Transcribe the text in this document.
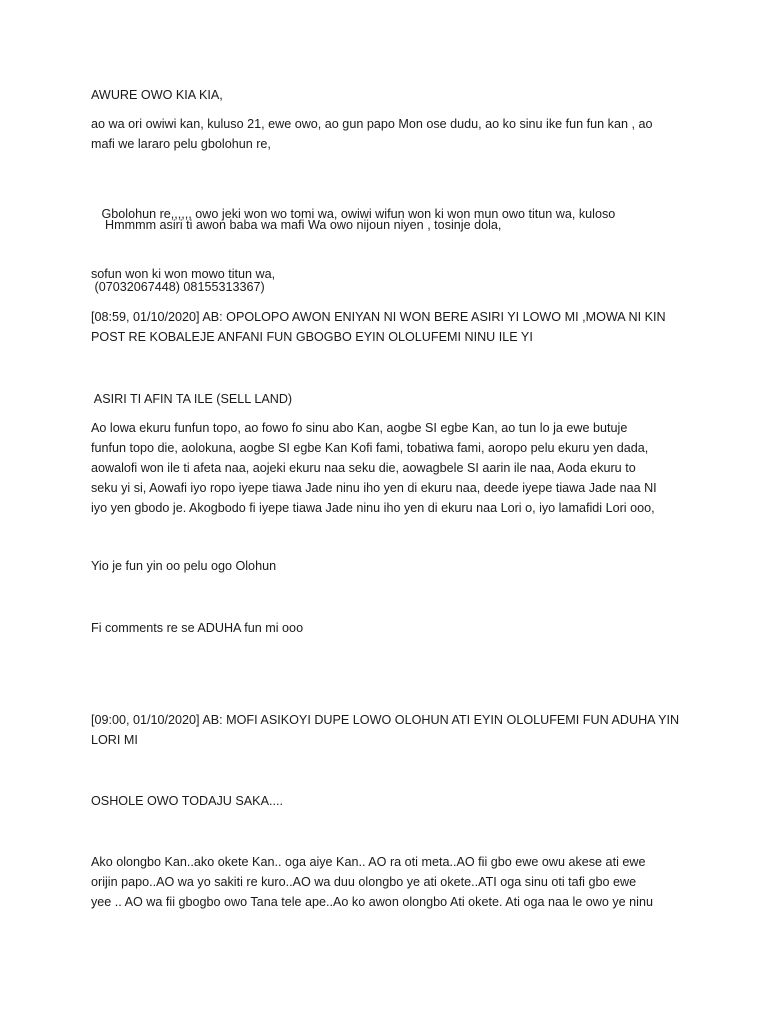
AWURE OWO KIA KIA,
ao wa ori owiwi kan, kuluso 21, ewe owo, ao gun papo Mon ose dudu, ao ko sinu ike fun fun kan , ao
mafi we lararo pelu gbolohun re,

Gbolohun re,,,,,, owo jeki won wo tomi wa, owiwi wifun won ki won mun owo titun wa, kuloso

sofun won ki won mowo titun wa,

Hmmmm asiri ti awon baba wa mafi Wa owo nijoun niyen , tosinje dola,
(07032067448) 08155313367)
[08:59, 01/10/2020] AB: OPOLOPO AWON ENIYAN NI WON BERE ASIRI YI LOWO MI ,MOWA NI KIN
POST RE KOBALEJE ANFANI FUN GBOGBO EYIN OLOLUFEMI NINU ILE YI
ASIRI TI AFIN TA ILE (SELL LAND)
Ao lowa ekuru funfun topo, ao fowo fo sinu abo Kan, aogbe SI egbe Kan, ao tun lo ja ewe butuje
funfun topo die, aolokuna, aogbe SI egbe Kan Kofi fami, tobatiwa fami, aoropo pelu ekuru yen dada,
aowalofi won ile ti afeta naa, aojeki ekuru naa seku die, aowagbele SI aarin ile naa, Aoda ekuru to
seku yi si, Aowafi iyo ropo iyepe tiawa Jade ninu iho yen di ekuru naa, deede iyepe tiawa Jade naa NI
iyo yen gbodo je. Akogbodo fi iyepe tiawa Jade ninu iho yen di ekuru naa Lori o, iyo lamafidi Lori ooo,
Yio je fun yin oo pelu ogo Olohun
Fi comments re se ADUHA fun mi ooo
[09:00, 01/10/2020] AB: MOFI ASIKOYI DUPE LOWO OLOHUN ATI EYIN OLOLUFEMI FUN ADUHA YIN
LORI MI
OSHOLE OWO TODAJU SAKA....
Ako olongbo Kan..ako okete Kan.. oga aiye Kan.. AO ra oti meta..AO fii gbo ewe owu akese ati ewe
orijin papo..AO wa yo sakiti re kuro..AO wa duu olongbo ye ati okete..ATI oga sinu oti tafi gbo ewe
yee .. AO wa fii gbogbo owo Tana tele ape..Ao ko awon olongbo Ati okete. Ati oga naa le owo ye ninu
